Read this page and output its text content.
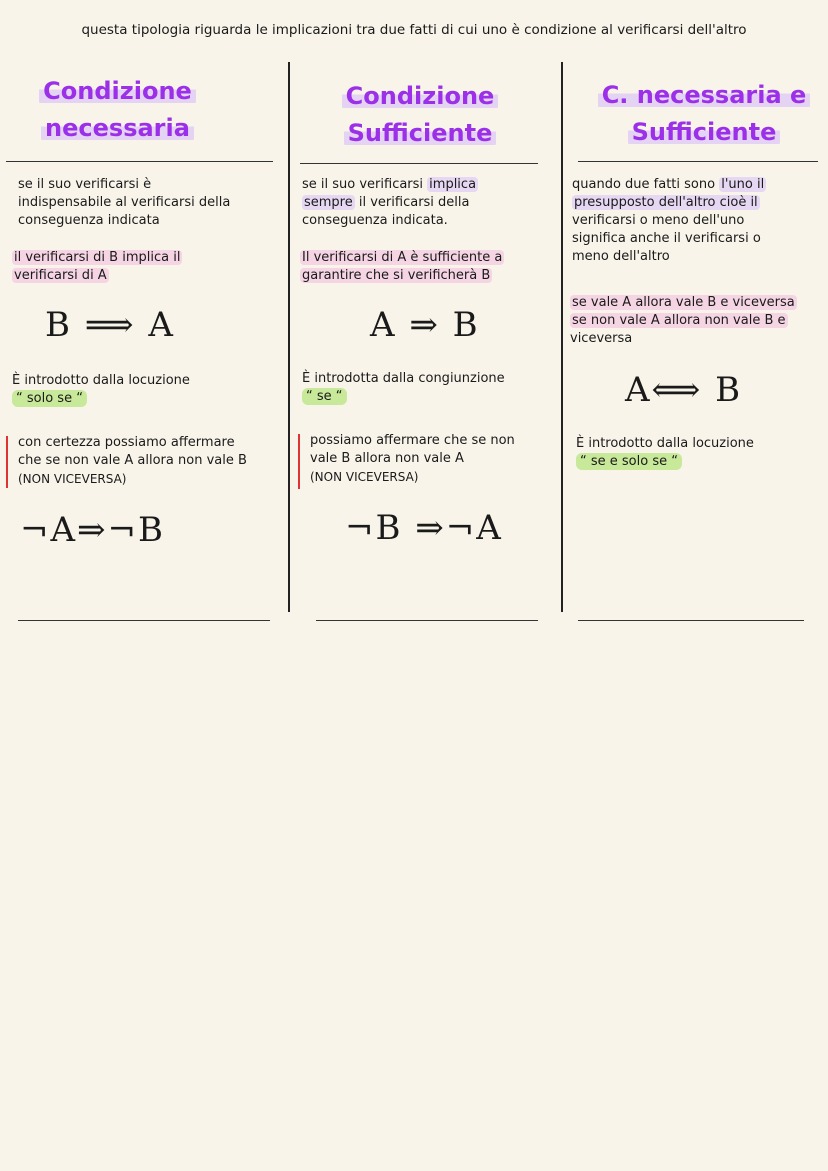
questa tipologia riguarda le implicazioni tra due fatti di cui uno è condizione al verificarsi dell'altro
Condizione
necessaria
se il suo verificarsi è
indispensabile al verificarsi della
conseguenza indicata
il verificarsi di B implica il
verificarsi di A
B ⟹ A
È introdotto dalla locuzione
“ solo se “
con certezza possiamo affermare
che se non vale A allora non vale B
(NON VICEVERSA)
¬A⇒¬B
Condizione
Sufficiente
se il suo verificarsi implica
sempre il verificarsi della
conseguenza indicata.
Il verificarsi di A è sufficiente a
garantire che si verificherà B
A ⇒ B
È introdotta dalla congiunzione
“ se “
possiamo affermare che se non
vale B allora non vale A
(NON VICEVERSA)
¬B ⇒¬A
C. necessaria e
Sufficiente
quando due fatti sono l'uno il
presupposto dell'altro cioè il
verificarsi o meno dell'uno
significa anche il verificarsi o
meno dell'altro
se vale A allora vale B e viceversa
se non vale A allora non vale B e
viceversa
A⟺ B
È introdotto dalla locuzione
“ se e solo se “
